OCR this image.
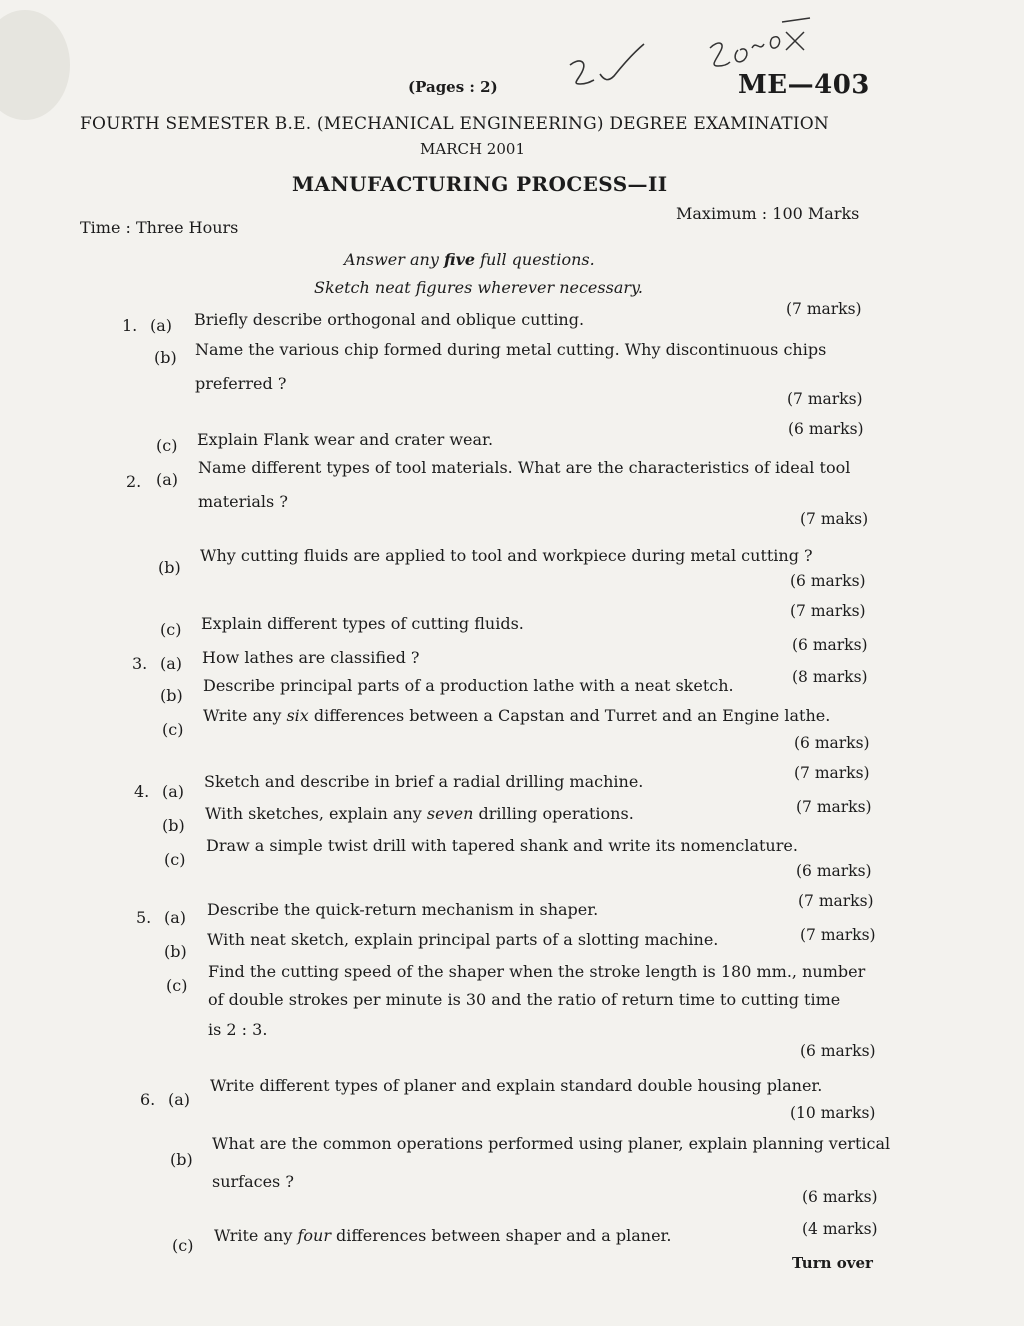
(Pages : 2)	ME—403
FOURTH SEMESTER B.E. (MECHANICAL ENGINEERING) DEGREE EXAMINATION
MARCH 2001
MANUFACTURING PROCESS—II
Time : Three Hours
Maximum : 100 Marks
Answer any five full questions.
Sketch neat figures wherever necessary.
1. (a) Briefly describe orthogonal and oblique cutting.
(7 marks)
(b) Name the various chip formed during metal cutting. Why discontinuous chips
preferred ?
(7 marks)
(c) Explain Flank wear and crater wear.
(6 marks)
2. (a)
Name different types of tool materials. What are the characteristics of ideal tool
materials ?
(7 maks)
(b)
Why cutting fluids are applied to tool and workpiece during metal cutting ?
(6 marks)
(c) Explain different types of cutting fluids.
(7 marks)
3. (a) How lathes are classified ?
(6 marks)
(b)
Describe principal parts of a production lathe with a neat sketch.	(8 marks)
(c)
Write any six differences between a Capstan and Turret and an Engine lathe.
(6 marks)
4. (a)
Sketch and describe in brief a radial drilling machine.	(7 marks)
(b)
With sketches, explain any seven drilling operations.	(7 marks)
(c)
Draw a simple twist drill with tapered shank and write its nomenclature.
(6 marks)
5. (a) Describe the quick-return mechanism in shaper.	(7 marks)
(b)
With neat sketch, explain principal parts of a slotting machine.	(7 marks)
(c)
Find the cutting speed of the shaper when the stroke length is 180 mm., number
of double strokes per minute is 30 and the ratio of return time to cutting time
is 2 : 3.
(6 marks)
6. (a)
Write different types of planer and explain standard double housing planer.
(10 marks)
(b)
What are the common operations performed using planer, explain planning vertical
surfaces ?
(6 marks)
(c)
Write any four differences between shaper and a planer.	(4 marks)
Turn over
